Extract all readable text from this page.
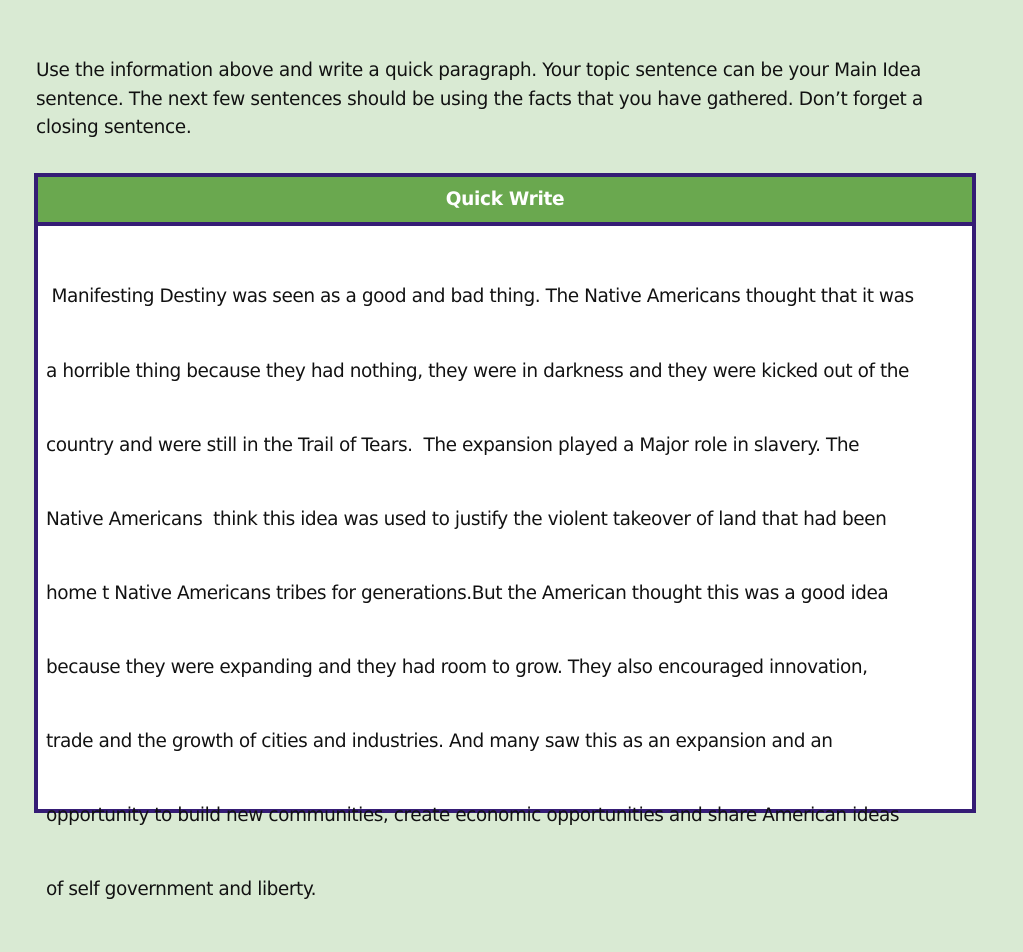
Use the information above and write a quick paragraph. Your topic sentence can be your Main Idea
sentence. The next few sentences should be using the facts that you have gathered. Don’t forget a
closing sentence.
Quick Write

Manifesting Destiny was seen as a good and bad thing. The Native Americans thought that it was

a horrible thing because they had nothing, they were in darkness and they were kicked out of the

country and were still in the Trail of Tears.  The expansion played a Major role in slavery. The

Native Americans  think this idea was used to justify the violent takeover of land that had been

home t Native Americans tribes for generations.But the American thought this was a good idea

because they were expanding and they had room to grow. They also encouraged innovation,

trade and the growth of cities and industries. And many saw this as an expansion and an

opportunity to build new communities, create economic opportunities and share American ideas

of self government and liberty.
